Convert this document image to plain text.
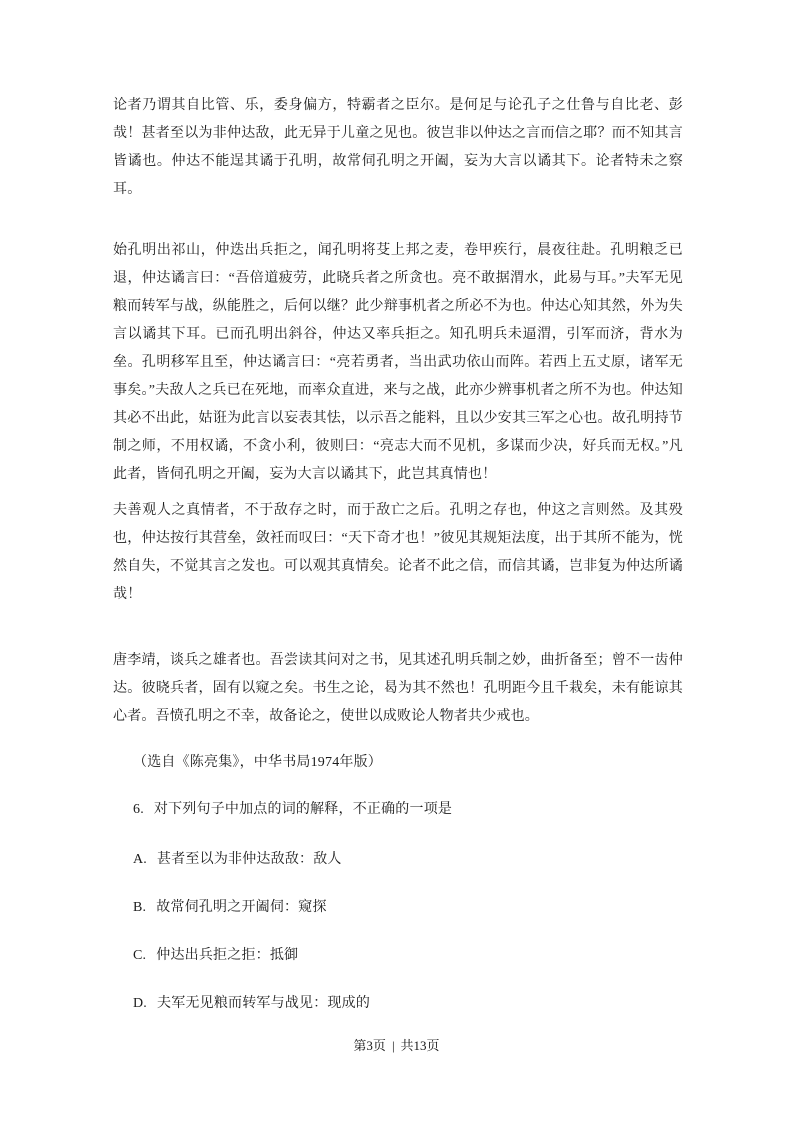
论者乃谓其自比管、乐，委身偏方，特霸者之臣尔。是何足与论孔子之仕鲁与自比老、彭哉！甚者至以为非仲达敌，此无异于儿童之见也。彼岂非以仲达之言而信之耶？而不知其言皆谲也。仲达不能逞其谲于孔明，故常伺孔明之开阖，妄为大言以谲其下。论者特未之察耳。

始孔明出祁山，仲迭出兵拒之，闻孔明将芟上邦之麦，卷甲疾行，晨夜往赴。孔明粮乏已退，仲达谲言曰：“吾倍道疲劳，此晓兵者之所贪也。亮不敢据渭水，此易与耳。”夫军无见粮而转军与战，纵能胜之，后何以继？此少辩事机者之所必不为也。仲达心知其然，外为失言以谲其下耳。已而孔明出斜谷，仲达又率兵拒之。知孔明兵未逼渭，引军而济，背水为垒。孔明移军且至，仲达谲言曰：“亮若勇者，当出武功依山而阵。若西上五丈原，诸军无事矣。”夫敌人之兵已在死地，而率众直进，来与之战，此亦少辨事机者之所不为也。仲达知其必不出此，姑诳为此言以妄表其怯，以示吾之能料，且以少安其三军之心也。故孔明持节制之师，不用权谲，不贪小利，彼则曰：“亮志大而不见机，多谋而少决，好兵而无权。”凡此者，皆伺孔明之开阖，妄为大言以谲其下，此岂其真情也！

夫善观人之真情者，不于敌存之时，而于敌亡之后。孔明之存也，仲这之言则然。及其殁也，仲达按行其营垒，敛衽而叹曰：“天下奇才也！”彼见其规矩法度，出于其所不能为，恍然自失，不觉其言之发也。可以观其真情矣。论者不此之信，而信其谲，岂非复为仲达所谲哉！

唐李靖，谈兵之雄者也。吾尝读其问对之书，见其述孔明兵制之妙，曲折备至；曾不一齿仲达。彼晓兵者，固有以窥之矣。书生之论，曷为其不然也！孔明距今且千栽矣，未有能谅其心者。吾愤孔明之不幸，故备论之，使世以成败论人物者共少戒也。

（选自《陈亮集》，中华书局1974年版）

6. 对下列句子中加点的词的解释，不正确的一项是

A. 甚者至以为非仲达敌敌：敌人

B. 故常伺孔明之开阖伺：窥探

C. 仲达出兵拒之拒：抵御

D. 夫军无见粮而转军与战见：现成的

第3页 | 共13页
